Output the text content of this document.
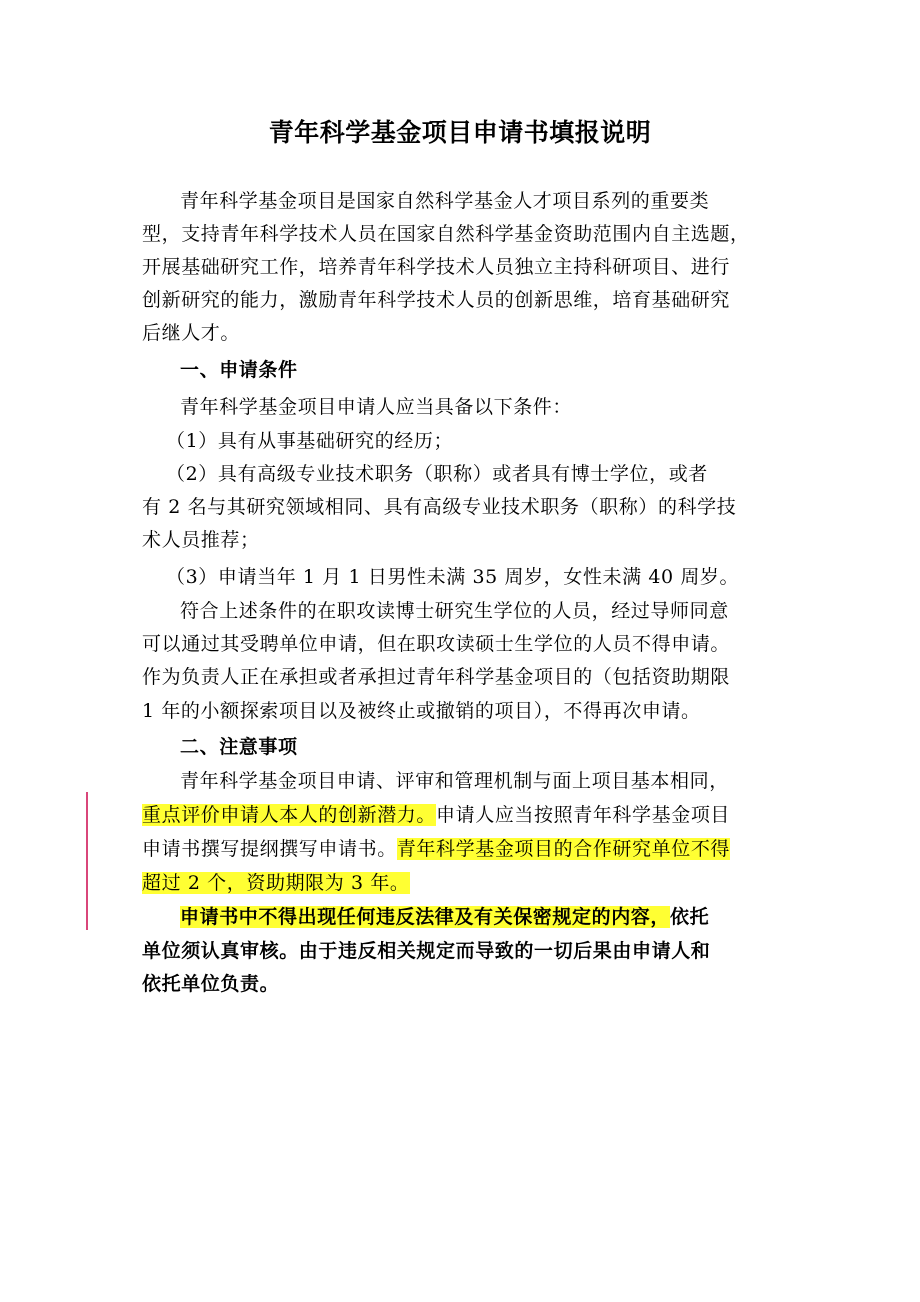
青年科学基金项目申请书填报说明
青年科学基金项目是国家自然科学基金人才项目系列的重要类
型，支持青年科学技术人员在国家自然科学基金资助范围内自主选题，
开展基础研究工作，培养青年科学技术人员独立主持科研项目、进行
创新研究的能力，激励青年科学技术人员的创新思维，培育基础研究
后继人才。
一、申请条件
青年科学基金项目申请人应当具备以下条件：
（1）具有从事基础研究的经历；
（2）具有高级专业技术职务（职称）或者具有博士学位，或者
有 2 名与其研究领域相同、具有高级专业技术职务（职称）的科学技
术人员推荐；
（3）申请当年 1 月 1 日男性未满 35 周岁，女性未满 40 周岁。
符合上述条件的在职攻读博士研究生学位的人员，经过导师同意
可以通过其受聘单位申请，但在职攻读硕士生学位的人员不得申请。
作为负责人正在承担或者承担过青年科学基金项目的（包括资助期限
1 年的小额探索项目以及被终止或撤销的项目），不得再次申请。
二、注意事项
青年科学基金项目申请、评审和管理机制与面上项目基本相同，
重点评价申请人本人的创新潜力。申请人应当按照青年科学基金项目
申请书撰写提纲撰写申请书。青年科学基金项目的合作研究单位不得
超过 2 个，资助期限为 3 年。
申请书中不得出现任何违反法律及有关保密规定的内容，依托
单位须认真审核。由于违反相关规定而导致的一切后果由申请人和
依托单位负责。
